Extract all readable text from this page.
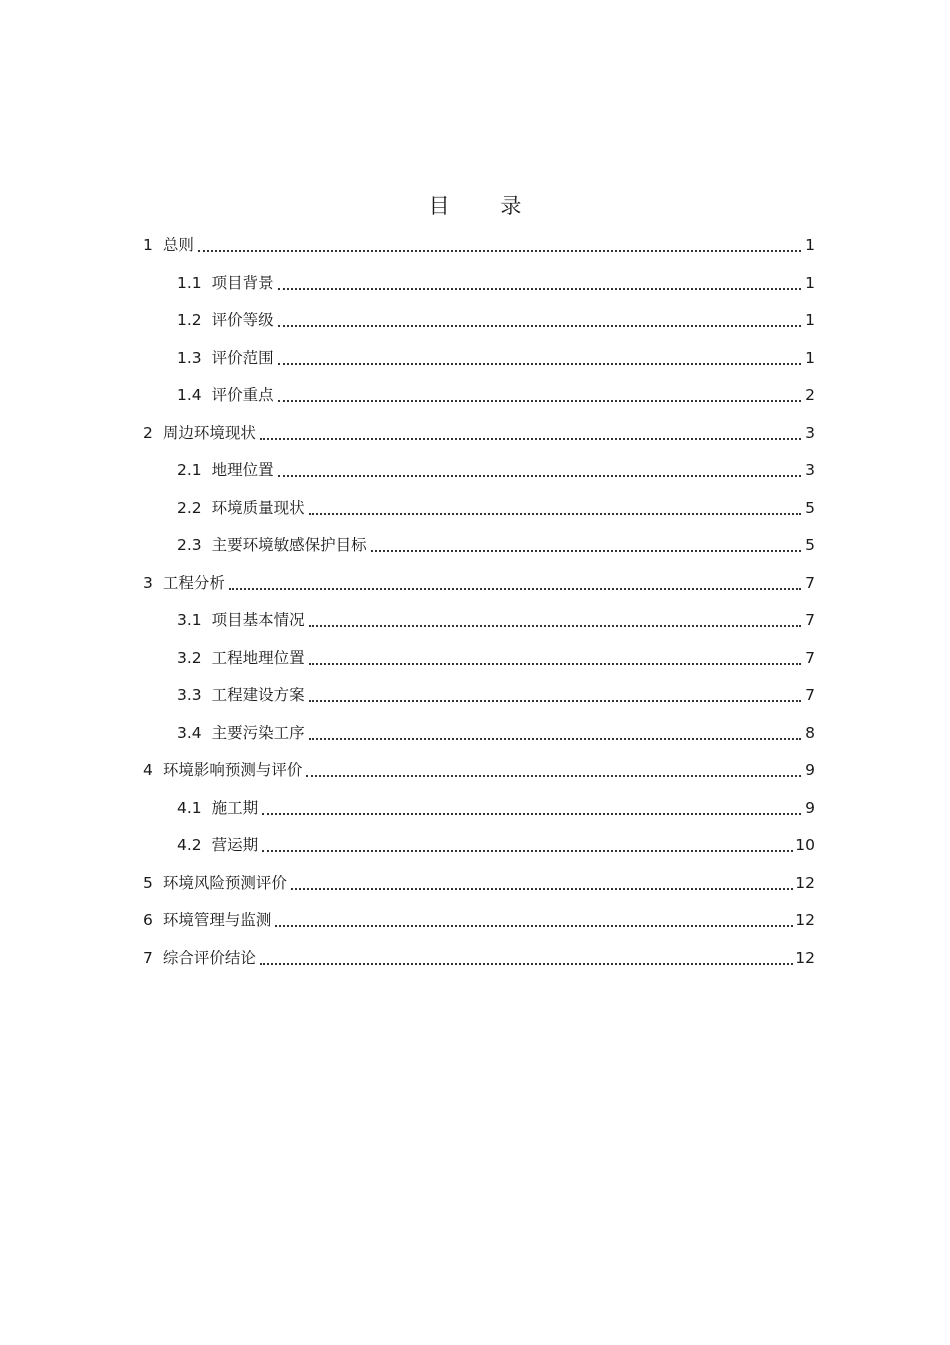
目 录
1 总则	1
1.1 项目背景	1
1.2 评价等级	1
1.3 评价范围	1
1.4 评价重点	2
2 周边环境现状	3
2.1 地理位置	3
2.2 环境质量现状	5
2.3 主要环境敏感保护目标	5
3 工程分析	7
3.1 项目基本情况	7
3.2 工程地理位置	7
3.3 工程建设方案	7
3.4 主要污染工序	8
4 环境影响预测与评价	9
4.1 施工期	9
4.2 营运期	10
5 环境风险预测评价	12
6 环境管理与监测	12
7 综合评价结论	12
